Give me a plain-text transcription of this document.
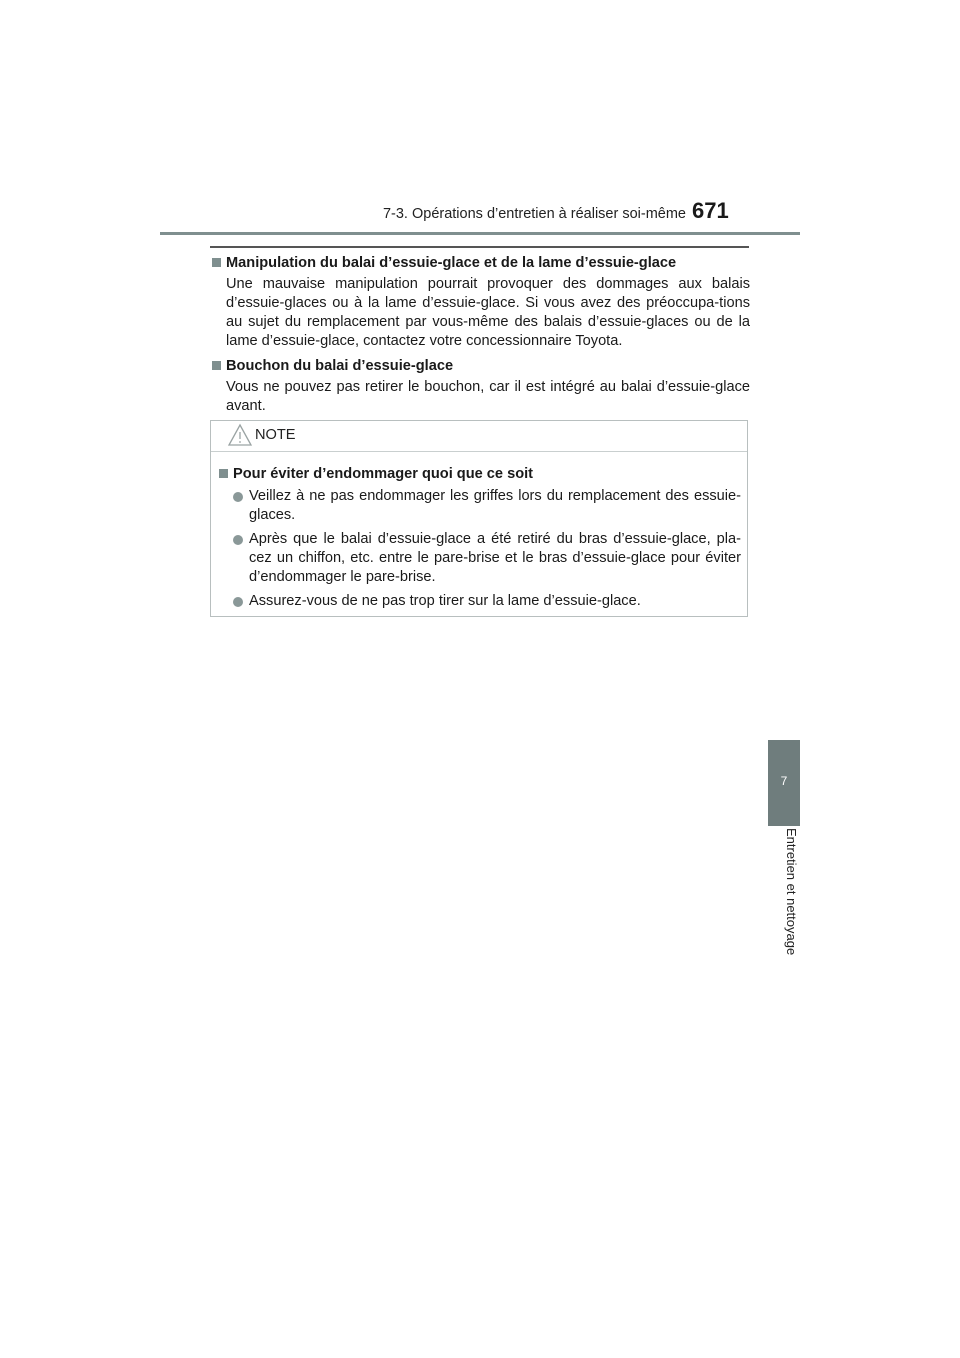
7-3. Opérations d’entretien à réaliser soi-même 671
7
Entretien et nettoyage

Manipulation du balai d’essuie-glace et de la lame d’essuie-glace

Une mauvaise manipulation pourrait provoquer des dommages aux balais d’essuie-glaces ou à la lame d’essuie-glace. Si vous avez des préoccupa-tions au sujet du remplacement par vous-même des balais d’essuie-glaces ou de la lame d’essuie-glace, contactez votre concessionnaire Toyota.

Bouchon du balai d’essuie-glace

Vous ne pouvez pas retirer le bouchon, car il est intégré au balai d’essuie-glace avant.

NOTE

Pour éviter d’endommager quoi que ce soit

Veillez à ne pas endommager les griffes lors du remplacement des essuie-glaces.

Après que le balai d’essuie-glace a été retiré du bras d’essuie-glace, pla-cez un chiffon, etc. entre le pare-brise et le bras d’essuie-glace pour éviter d’endommager le pare-brise.

Assurez-vous de ne pas trop tirer sur la lame d’essuie-glace.
